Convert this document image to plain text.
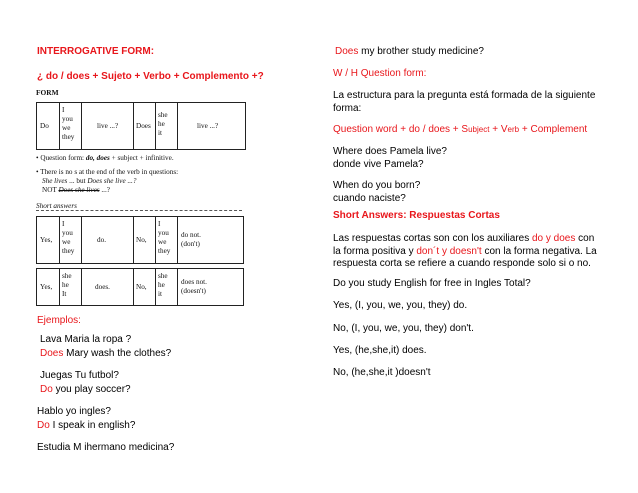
INTERROGATIVE FORM:
¿ do / does + Sujeto + Verbo + Complemento +?
FORM
Do
I
you
we
they
live ...? Does
she
he
it
live ...?
• Question form: do, does + subject + infinitive.
• There is no s at the end of the verb in questions:
She lives ... but Does she live ...?
NOT Does she lives ...?
Short answers
Yes,
I
you
we
they
do.	No,
I
you
we
they
do not.
(don't)
Yes,
she
he
It
does.	No,
she
he
it
does not.
(doesn't)
Ejemplos:
Lava Maria la ropa ?
Does Mary wash the clothes?
Juegas Tu futbol?
Do you play soccer?
Hablo yo ingles?
Do I speak in english?
Estudia M ihermano medicina?
Does my brother study medicine?
W / H Question form:
La estructura para la pregunta está formada de la siguiente forma:
Question word + do / does + Subject + Verb + Complement
Where does Pamela live?
donde vive Pamela?
When do you born?
cuando naciste?
Short Answers: Respuestas Cortas
Las respuestas cortas son con los auxiliares do y does con la forma positiva y don´t y doesn't con la forma negativa. La respuesta corta se refiere a cuando responde solo si o no.
Do you study English for free in Ingles Total?
Yes, (I, you, we, you, they) do.
No, (I, you, we, you, they) don't.
Yes, (he,she,it) does.
No, (he,she,it )doesn't
